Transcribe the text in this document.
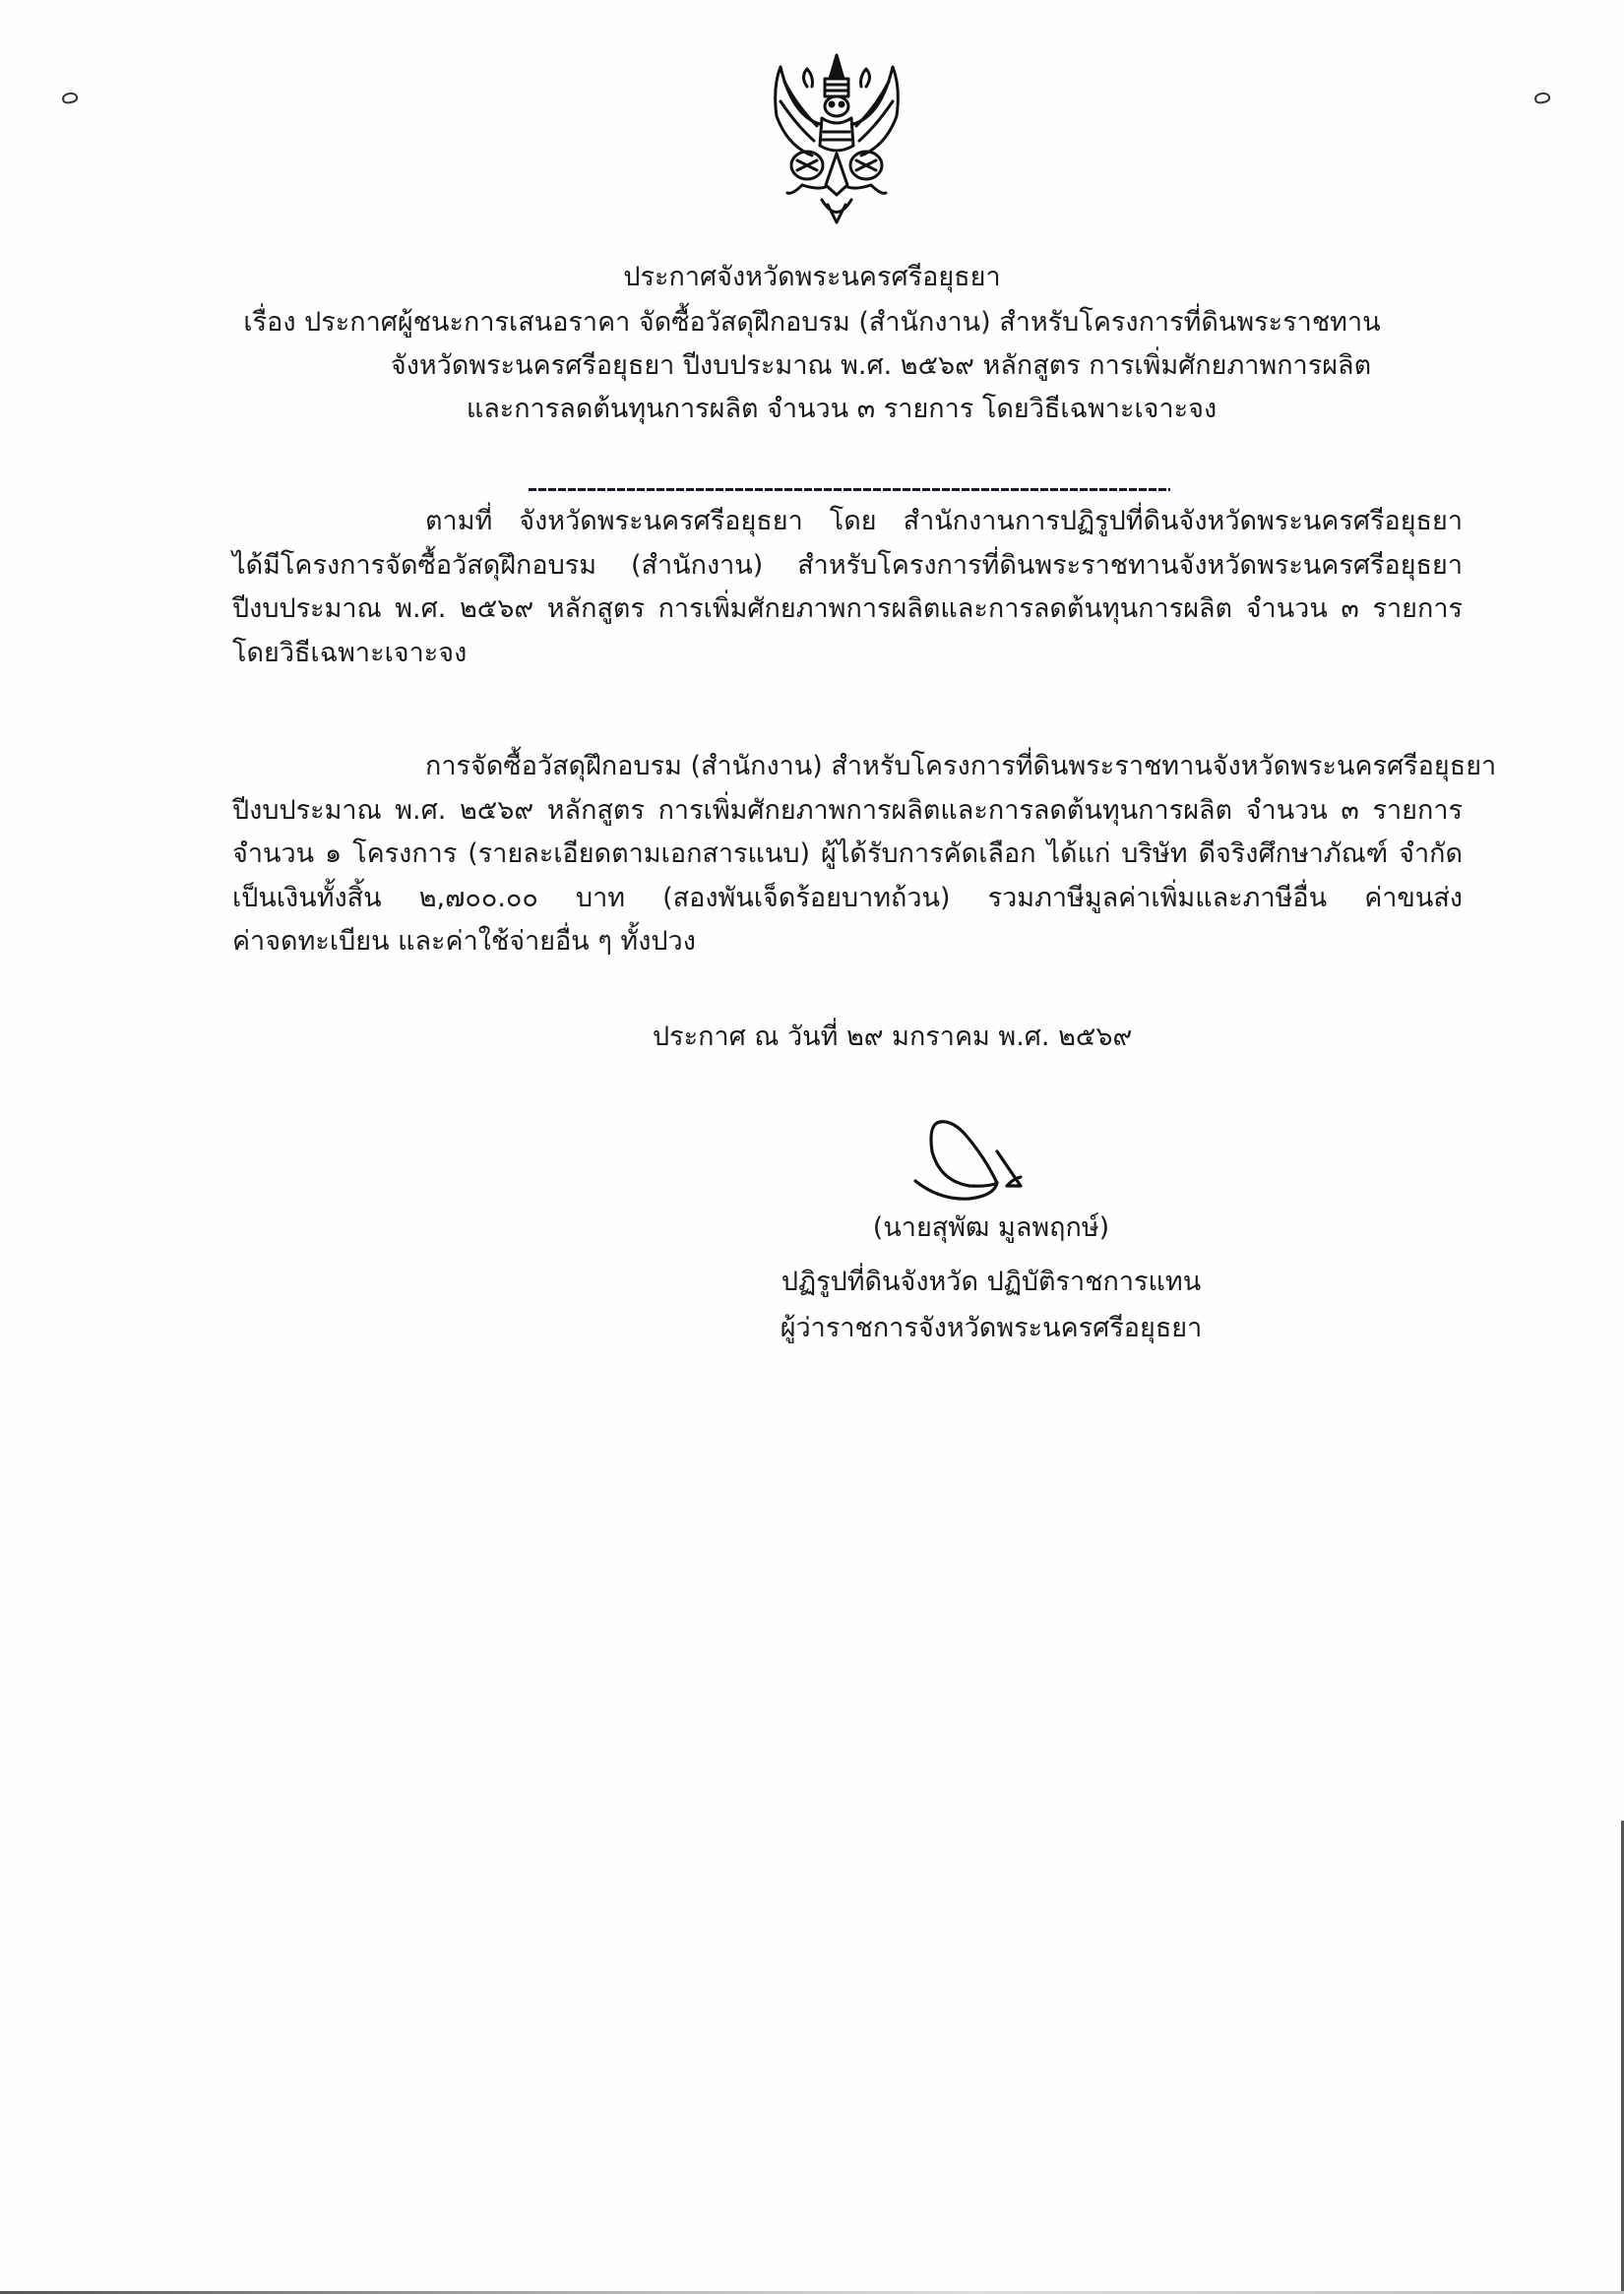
ประกาศจังหวัดพระนครศรีอยุธยา
เรื่อง ประกาศผู้ชนะการเสนอราคา จัดซื้อวัสดุฝึกอบรม (สำนักงาน) สำหรับโครงการที่ดินพระราชทาน
จังหวัดพระนครศรีอยุธยา ปีงบประมาณ พ.ศ. ๒๕๖๙ หลักสูตร การเพิ่มศักยภาพการผลิต
และการลดต้นทุนการผลิต จำนวน ๓ รายการ โดยวิธีเฉพาะเจาะจง
ตามที่ จังหวัดพระนครศรีอยุธยา โดย สำนักงานการปฏิรูปที่ดินจังหวัดพระนครศรีอยุธยา
ได้มีโครงการจัดซื้อวัสดุฝึกอบรม (สำนักงาน) สำหรับโครงการที่ดินพระราชทานจังหวัดพระนครศรีอยุธยา
ปีงบประมาณ พ.ศ. ๒๕๖๙ หลักสูตร การเพิ่มศักยภาพการผลิตและการลดต้นทุนการผลิต จำนวน ๓ รายการ
โดยวิธีเฉพาะเจาะจง
การจัดซื้อวัสดุฝึกอบรม (สำนักงาน) สำหรับโครงการที่ดินพระราชทานจังหวัดพระนครศรีอยุธยา
ปีงบประมาณ พ.ศ. ๒๕๖๙ หลักสูตร การเพิ่มศักยภาพการผลิตและการลดต้นทุนการผลิต จำนวน ๓ รายการ
จำนวน ๑ โครงการ (รายละเอียดตามเอกสารแนบ) ผู้ได้รับการคัดเลือก ได้แก่ บริษัท ดีจริงศึกษาภัณฑ์ จำกัด
เป็นเงินทั้งสิ้น ๒,๗๐๐.๐๐ บาท (สองพันเจ็ดร้อยบาทถ้วน) รวมภาษีมูลค่าเพิ่มและภาษีอื่น ค่าขนส่ง
ค่าจดทะเบียน และค่าใช้จ่ายอื่น ๆ ทั้งปวง
ประกาศ ณ วันที่ ๒๙ มกราคม พ.ศ. ๒๕๖๙
(นายสุพัฒ มูลพฤกษ์)
ปฏิรูปที่ดินจังหวัด ปฏิบัติราชการแทน
ผู้ว่าราชการจังหวัดพระนครศรีอยุธยา
